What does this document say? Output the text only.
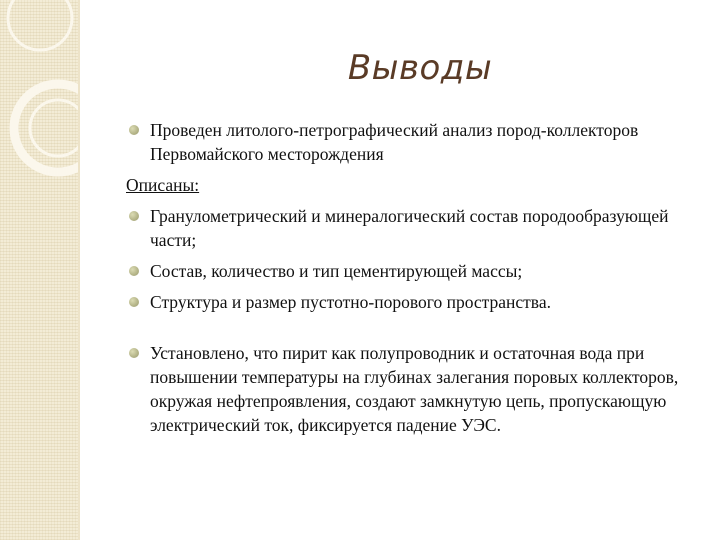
Выводы
Проведен литолого-петрографический анализ пород-коллекторов Первомайского месторождения
Описаны:
Гранулометрический и минералогический состав породообразующей части;
Состав, количество и тип цементирующей массы;
Структура и размер пустотно-порового пространства.
Установлено, что пирит как полупроводник и остаточная вода при повышении температуры на глубинах залегания поровых коллекторов, окружая нефтепроявления, создают замкнутую цепь, пропускающую электрический ток, фиксируется падение УЭС.
